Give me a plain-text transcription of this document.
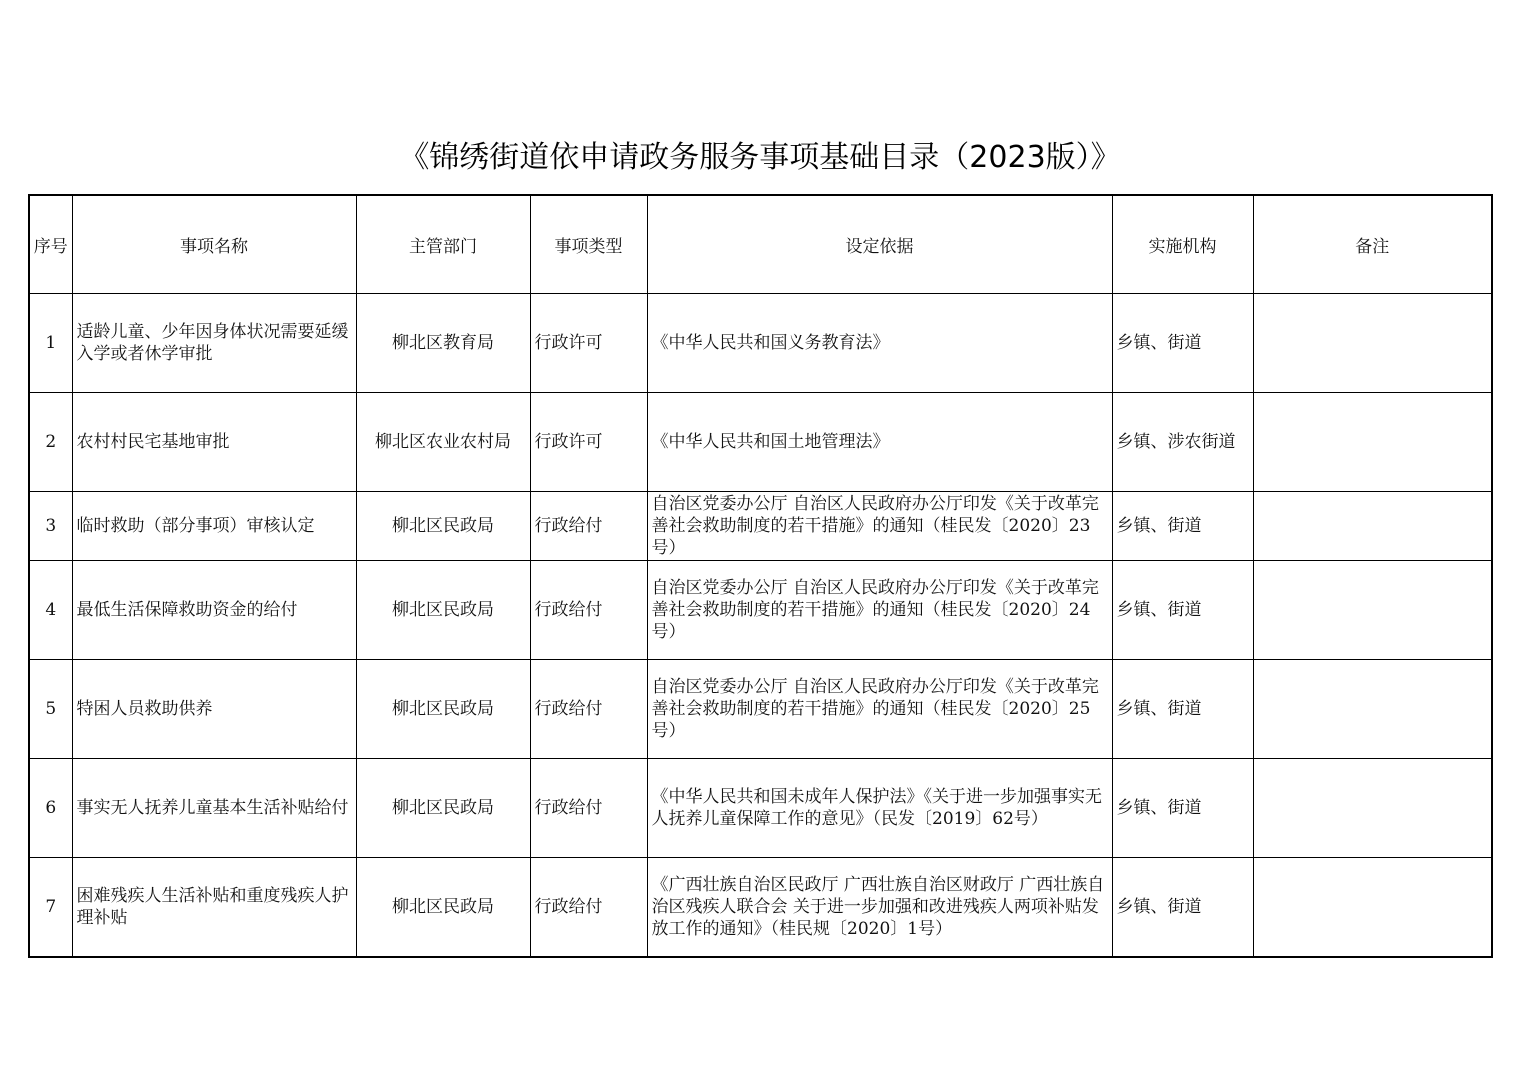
《锦绣街道依申请政务服务事项基础目录（2023版）》
序号	事项名称	主管部门	事项类型	设定依据	实施机构	备注
1	适龄儿童、少年因身体状况需要延缓入学或者休学审批	柳北区教育局	行政许可	《中华人民共和国义务教育法》	乡镇、街道	
2	农村村民宅基地审批	柳北区农业农村局	行政许可	《中华人民共和国土地管理法》	乡镇、涉农街道	
3	临时救助（部分事项）审核认定	柳北区民政局	行政给付	自治区党委办公厅 自治区人民政府办公厅印发《关于改革完善社会救助制度的若干措施》的通知（桂民发〔2020〕23号）	乡镇、街道	
4	最低生活保障救助资金的给付	柳北区民政局	行政给付	自治区党委办公厅 自治区人民政府办公厅印发《关于改革完善社会救助制度的若干措施》的通知（桂民发〔2020〕24号）	乡镇、街道	
5	特困人员救助供养	柳北区民政局	行政给付	自治区党委办公厅 自治区人民政府办公厅印发《关于改革完善社会救助制度的若干措施》的通知（桂民发〔2020〕25号）	乡镇、街道	
6	事实无人抚养儿童基本生活补贴给付	柳北区民政局	行政给付	《中华人民共和国未成年人保护法》《关于进一步加强事实无人抚养儿童保障工作的意见》（民发〔2019〕62号）	乡镇、街道	
7	困难残疾人生活补贴和重度残疾人护理补贴	柳北区民政局	行政给付	《广西壮族自治区民政厅 广西壮族自治区财政厅 广西壮族自治区残疾人联合会 关于进一步加强和改进残疾人两项补贴发放工作的通知》（桂民规〔2020〕1号）	乡镇、街道	
